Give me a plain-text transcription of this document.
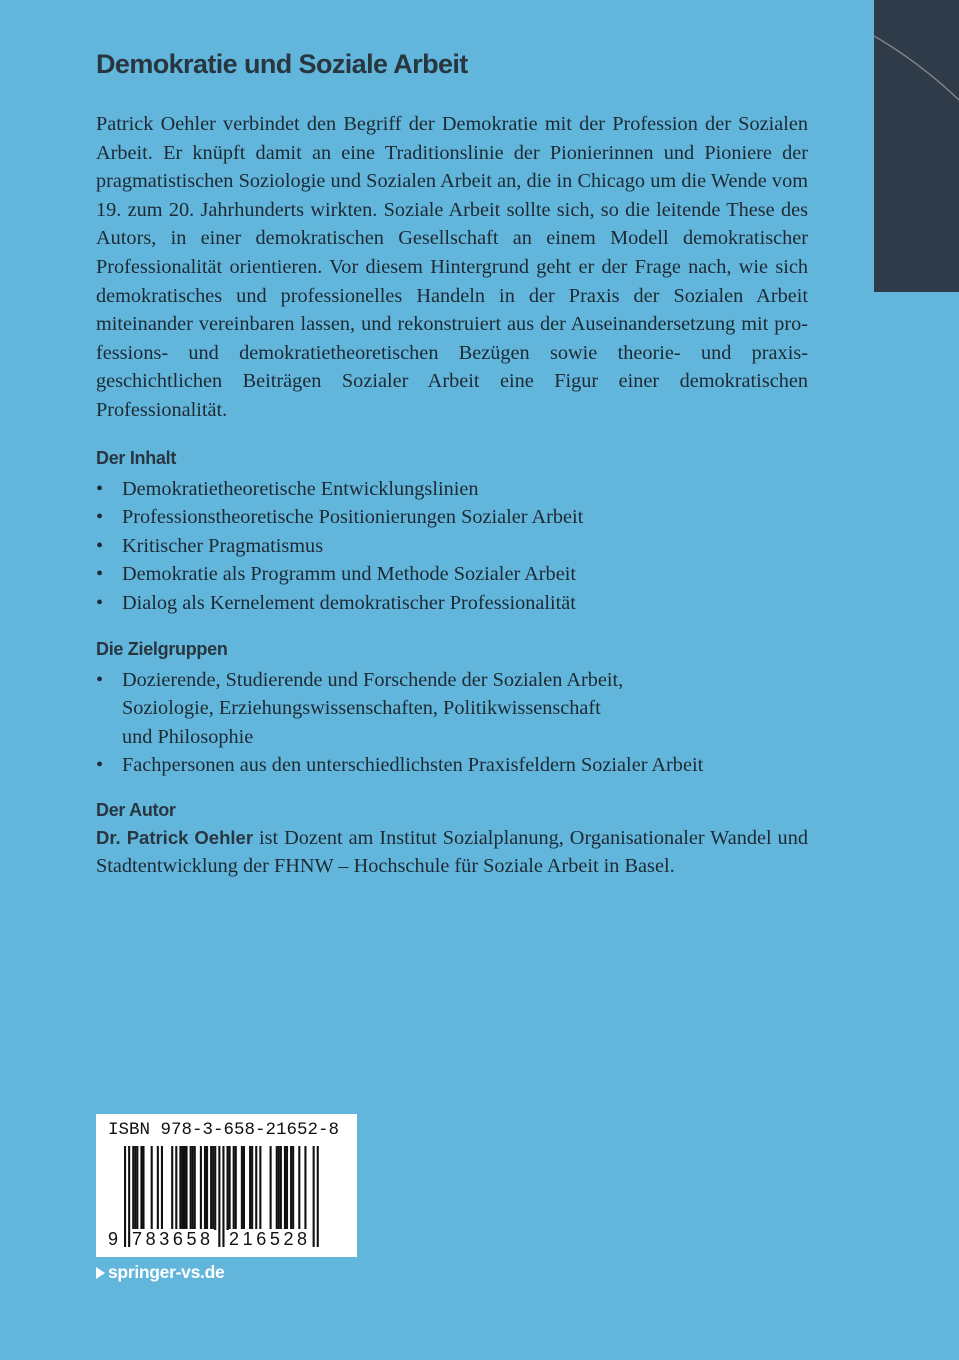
Demokratie und Soziale Arbeit

Patrick Oehler verbindet den Begriff der Demokratie mit der Profession der Sozialen Arbeit. Er knüpft damit an eine Traditionslinie der Pionierinnen und Pioniere der pragmatistischen Soziologie und Sozialen Arbeit an, die in Chicago um die Wende vom 19. zum 20. Jahrhunderts wirkten. Soziale Arbeit sollte sich, so die leitende These des Autors, in einer demokratischen Gesellschaft an einem Modell demokratischer Professionalität orientieren. Vor diesem Hintergrund geht er der Frage nach, wie sich demokratisches und professionelles Handeln in der Praxis der Sozialen Arbeit miteinander vereinbaren lassen, und rekonstruiert aus der Auseinandersetzung mit professions- und demokratietheoretischen Bezügen sowie theorie- und praxisgeschichtlichen Beiträgen Sozialer Arbeit eine Figur einer demokratischen Professionalität.

Der Inhalt
• Demokratietheoretische Entwicklungslinien
• Professionstheoretische Positionierungen Sozialer Arbeit
• Kritischer Pragmatismus
• Demokratie als Programm und Methode Sozialer Arbeit
• Dialog als Kernelement demokratischer Professionalität
Die Zielgruppen
• Dozierende, Studierende und Forschende der Sozialen Arbeit,
Soziologie, Erziehungswissenschaften, Politikwissenschaft
und Philosophie
• Fachpersonen aus den unterschiedlichsten Praxisfeldern Sozialer Arbeit
Der Autor

Dr. Patrick Oehler ist Dozent am Institut Sozialplanung, Organisationaler Wandel und Stadtentwicklung der FHNW – Hochschule für Soziale Arbeit in Basel.

ISBN 978-3-658-21652-8
9 783658 216528
springer-vs.de
